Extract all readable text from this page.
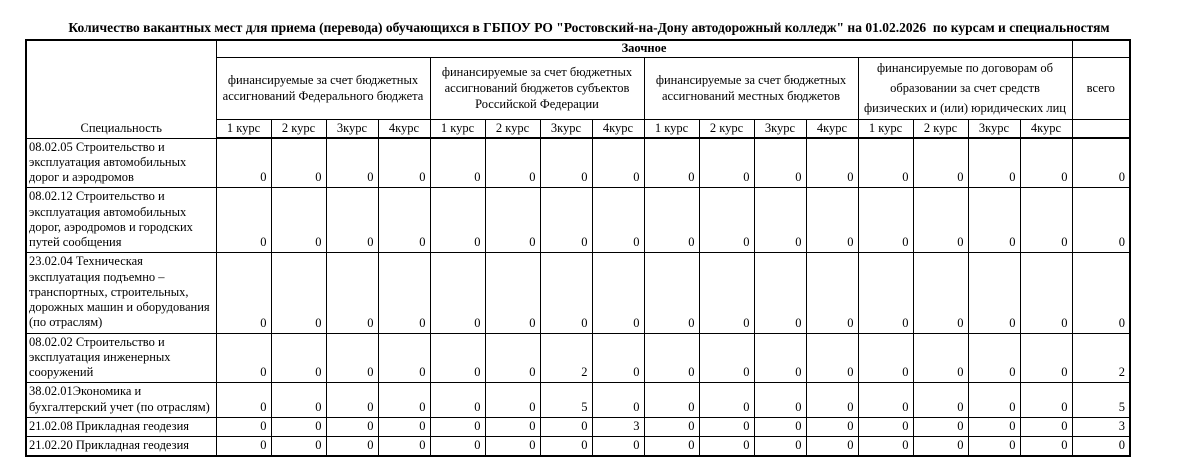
Количество вакантных мест для приема (перевода) обучающихся в ГБПОУ РО "Ростовский-на-Дону автодорожный колледж" на 01.02.2026  по курсам и специальностям
Специальность	Заочное																
	финансируемые за счет бюджетных ассигнований Федерального бюджета				финансируемые за счет бюджетных ассигнований бюджетов субъектов Российской Федерации				финансируемые за счет бюджетных ассигнований местных бюджетов				финансируемые по договорам об образовании за счет средств физических и (или) юридических лиц				всего
	1 курс	2 курс	3курс	4курс	1 курс	2 курс	3курс	4курс	1 курс	2 курс	3курс	4курс	1 курс	2 курс	3курс	4курс	
08.02.05 Строительство и эксплуатация автомобильных дорог и аэродромов	0	0	0	0	0	0	0	0	0	0	0	0	0	0	0	0	0
08.02.12 Строительство и эксплуатация автомобильных дорог, аэродромов и городских путей сообщения	0	0	0	0	0	0	0	0	0	0	0	0	0	0	0	0	0
23.02.04 Техническая эксплуатация подъемно – транспортных, строительных, дорожных машин и оборудования (по отраслям)	0	0	0	0	0	0	0	0	0	0	0	0	0	0	0	0	0
08.02.02 Строительство и эксплуатация инженерных сооружений	0	0	0	0	0	0	2	0	0	0	0	0	0	0	0	0	2
38.02.01Экономика и бухгалтерский учет (по отраслям)	0	0	0	0	0	0	5	0	0	0	0	0	0	0	0	0	5
21.02.08 Прикладная геодезия	0	0	0	0	0	0	0	3	0	0	0	0	0	0	0	0	3
21.02.20 Прикладная геодезия	0	0	0	0	0	0	0	0	0	0	0	0	0	0	0	0	0
